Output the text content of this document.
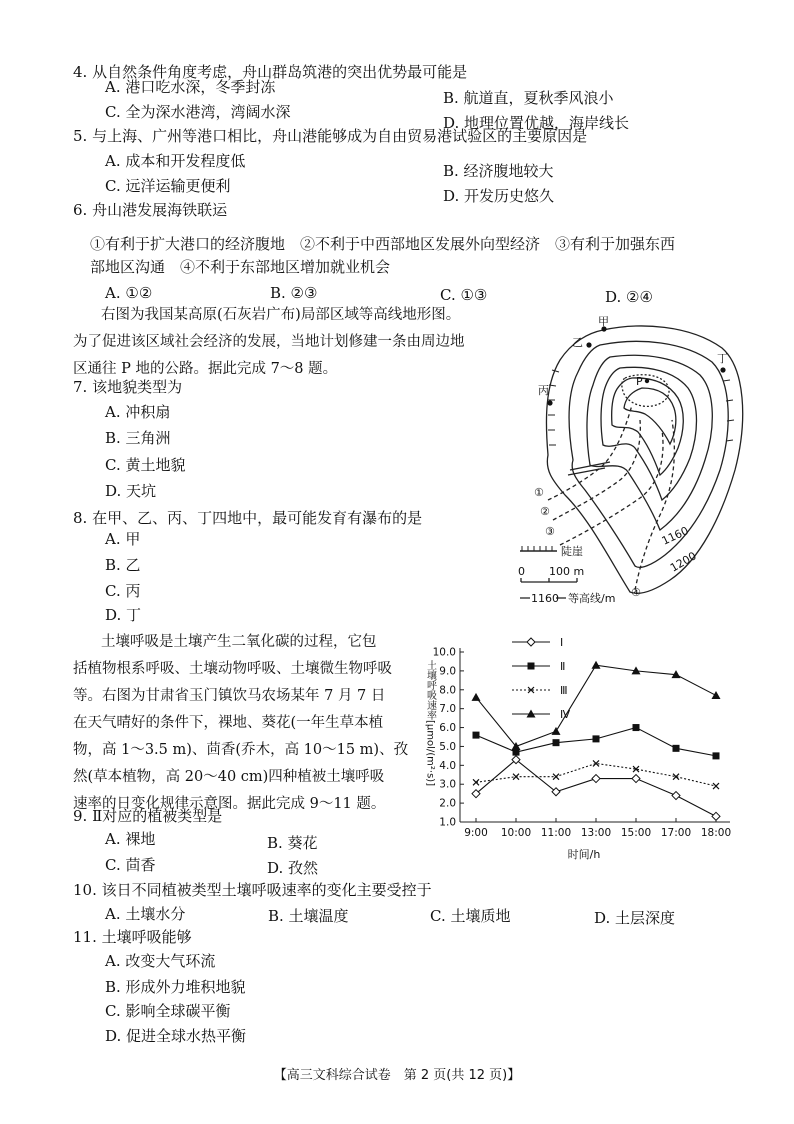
4. 从自然条件角度考虑，舟山群岛筑港的突出优势最可能是
A. 港口吃水深，冬季封冻
B. 航道直，夏秋季风浪小
C. 全为深水港湾，湾阔水深
D. 地理位置优越，海岸线长
5. 与上海、广州等港口相比，舟山港能够成为自由贸易港试验区的主要原因是
A. 成本和开发程度低
B. 经济腹地较大
C. 远洋运输更便利
D. 开发历史悠久
6. 舟山港发展海铁联运
①有利于扩大港口的经济腹地　②不利于中西部地区发展外向型经济　③有利于加强东西
部地区沟通　④不利于东部地区增加就业机会
A. ①②	B. ②③	C. ①③	D. ②④
右图为我国某高原(石灰岩广布)局部区域等高线地形图。
为了促进该区域社会经济的发展，当地计划修建一条由周边地
区通往 P 地的公路。据此完成 7～8 题。
7. 该地貌类型为
A. 冲积扇
B. 三角洲
C. 黄土地貌
D. 天坑
8. 在甲、乙、丙、丁四地中，最可能发育有瀑布的是
A. 甲
B. 乙
C. 丙
D. 丁
甲
乙
丙
丁
P
①
②
③
④
1160
1200
陡崖
0 100 m
1160 等高线/m
土壤呼吸是土壤产生二氧化碳的过程，它包
括植物根系呼吸、土壤动物呼吸、土壤微生物呼吸
等。右图为甘肃省玉门镇饮马农场某年 7 月 7 日
在天气晴好的条件下，裸地、葵花(一年生草本植
物，高 1～3.5 m)、茴香(乔木，高 10～15 m)、孜
然(草本植物，高 20～40 cm)四种植被土壤呼吸
速率的日变化规律示意图。据此完成 9～11 题。
土壤呼吸速率[μmol/(m²·s)]
1.0
2.0
3.0
4.0
5.0
6.0
7.0
8.0
9.0
10.0
9:00 10:00 11:00 13:00 15:00 17:00 18:00
Ⅰ
Ⅱ
Ⅲ
Ⅳ
时间/h
9. Ⅱ对应的植被类型是
A. 裸地	B. 葵花
C. 茴香	D. 孜然
10. 该日不同植被类型土壤呼吸速率的变化主要受控于
A. 土壤水分	B. 土壤温度	C. 土壤质地	D. 土层深度
11. 土壤呼吸能够
A. 改变大气环流
B. 形成外力堆积地貌
C. 影响全球碳平衡
D. 促进全球水热平衡
【高三文科综合试卷　第 2 页(共 12 页)】
